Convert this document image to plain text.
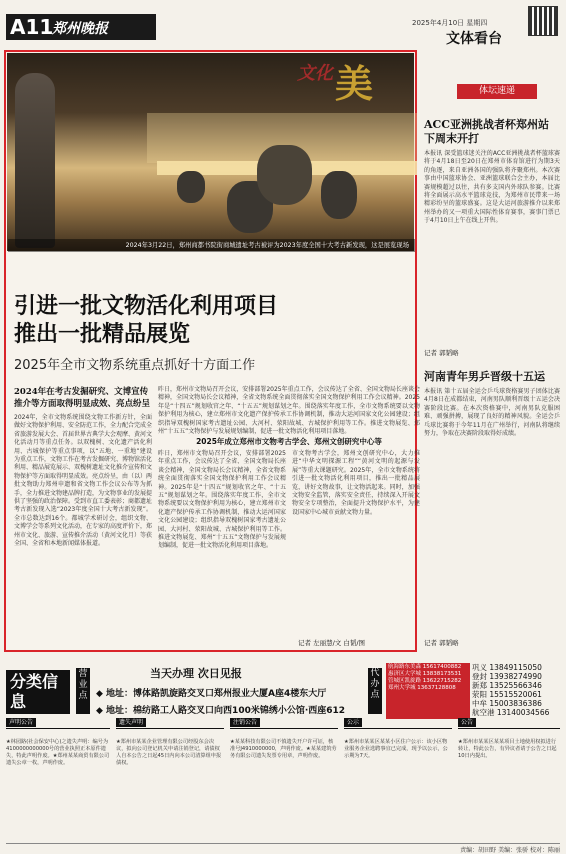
A11
郑州晚报	2025年4月10日 星期四
文体看台
文化 美
2024年3月22日，郑州商都书院街商城遗址考古被评为2023年度全国十大考古新发现，这是展览现场
引进一批文物活化利用项目
推出一批精品展览
2025年全市文物系统重点抓好十方面工作
2024年在考古发掘研究、文博宣传推介等方面取得明显成效、亮点纷呈
2024年，全市文物系统围绕文物工作新方针，全面做好文物保护利用、安全防范工作，全力配合完成全省旅游发展大会、首届世界古典学大会观摩、黄河文化活动月等重点任务。以双槐树、文化遗产活化利用、古城保护等重点事项，以“五地、一重地”建设为重点工作，文物工作在考古发掘研究、博物馆活化利用、精品展览展示、双槐树遗址文化推介宣传和文物保护等方面取得明显成效。亮点纷呈，由（以）两批文物助力郑州申遗和省文物工作会议公布等为抓手，全力推进文物建品牌打造，为文物事业的发展提供了坚强的政治保障。受到市直工委表彰；商都遗址考古新发现入选“2023年度全国十大考古新发现”。全市总数达到16个。都城学术研讨会，组织文物、文博学会等系列文化活动，在专家的高度评价下，郑州市文化、旅游、宣传推介活动（黄河文化月）等获全国、全省和本地新闻媒体报道。
昨日，郑州市文物局召开会议，安排部署2025年重点工作，会议传达了全省、全国文物局长座谈会精神，全国文物局长会议精神，全省文物系统全面贯彻落实全国文物保护利用工作会议精神。2025年是“十四五”规划收官之年、“十五五”规划谋划之年。围绕落实年度工作，全市文物系统要以文物保护利用为核心，建立郑州市文化遗产保护传承工作协调机制，推动大运河国家文化公园建设；组织指导双槐树国家考古遗址公园、大河村、荥阳故城、古城保护利用等工作。推进文物展览、郑州“十五五”文物保护与发展规划编制，促进一批文物活化利用项目落地。
2025年成立郑州市文物考古学会、郑州文创研究中心等
昨日，郑州市文物局召开会议，安排部署2025年重点工作，会议传达了全省、全国文物局长座谈会精神，全国文物局长会议精神，全省文物系统全面贯彻落实全国文物保护利用工作会议精神。2025年是“十四五”规划收官之年、“十五五”规划谋划之年。围绕落实年度工作，全市文物系统要以文物保护利用为核心，建立郑州市文化遗产保护传承工作协调机制，推动大运河国家文化公园建设；组织指导双槐树国家考古遗址公园、大河村、荥阳故城、古城保护利用等工作。推进文物展览、郑州“十五五”文物保护与发展规划编制，促进一批文物活化利用项目落地。
市文物考古学会，郑州文创研究中心，大力推进“中华文明探源工程”“黄河文明的起源与发展”等重大课题研究。2025年，全市文物系统将引进一批文物活化利用项目，推出一批精品展览，讲好文物故事，让文物活起来。同时，加强文物安全监管，落实安全责任，持续深入开展文物安全专项整治，全面提升文物保护水平，为建设国家中心城市贡献文物力量。
记者 左丽慧/文 白韬/图
体坛速递
ACC亚洲挑战者杯郑州站下周末开打
本报讯 深受篮球迷关注的ACC亚洲挑战者杯篮球赛将于4月18日至20日在郑州市体育馆进行为期3天的角逐，来自亚洲各国的强队将齐聚郑州。本次赛事由中国篮球协会、亚洲篮球联合会主办，本届比赛规模超过以往，共有多支国内外球队参赛。比赛将全面展示高水平篮球竞技，为郑州市民带来一场精彩纷呈的篮球盛宴。这是大运河旅游推介以来郑州举办的又一项重大国际性体育赛事，赛事门票已于4月10日上午在线上开售。
记者 郭韬略
河南青年男乒晋级十五运
本报讯 第十五届全运会乒乓球资格赛男子团体比赛4月8日在成都结束，河南男队顺利晋级十五运会决赛阶段比赛。在本次资格赛中，河南男队克服困难、顽强拼搏，展现了良好的精神风貌。全运会乒乓球比赛将于今年11月在广州举行，河南队将继续努力，争取在决赛阶段取得好成绩。
记者 郭韬略
分类信息
营业点
当天办理 次日见报
◆ 地址：博体路凯旋路交叉口郑州报业大厦A座4楼东大厅
◆ 地址：棉纺路工人路交叉口向西100米锦绣小公馆·西座612
代办点
航海路东美森 15617400882
惠济区大学城 13838173531
管城区凯旋路 13622715282
郑州大学城 13637128808
巩义 13849115050
登封 13938274990
新郑 13525566346
荥阳 15515520061
中牟 15003836386
航空港 13140034566
声明公告
★林园路(社会保安中心)之遗失声明：编号为4100000000000号的营业执照正本原件遗失，特此声明作废。★郑州某某商贸有限公司遗失公章一枚，声明作废。
遗失声明
★郑州市某某企业管理有限公司经股东会决议，拟向公司登记机关申请注销登记，请债权人自本公告之日起45日内向本公司清算组申报债权。
注销公告
★某某科技有限公司不慎遗失开户许可证，核准号J4910000000，声明作废。★某某建筑劳务有限公司遗失发票专用章，声明作废。
公示
★郑州市某某区某某小区住户公示：该小区物业服务企业选聘事宜已完成，现予以公示，公示期为7天。
公告
★郑州市某某区某某项目土地使用权拟进行转让，特此公告，有异议者请于公告之日起10日内提出。
责编：胡田野 美编：张骄 校对：陈丽
